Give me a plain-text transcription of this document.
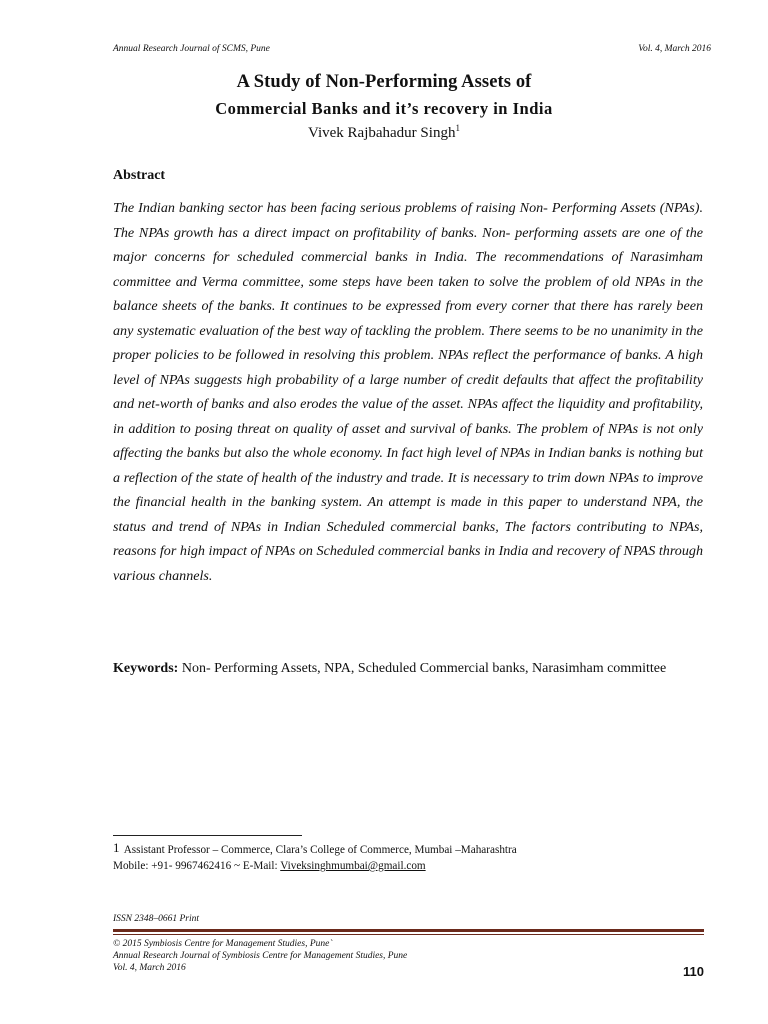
Annual Research Journal of SCMS, Pune	Vol. 4, March 2016
A Study of Non-Performing Assets of
Commercial Banks and it’s recovery in India
Vivek Rajbahadur Singh$^1$
Abstract
The Indian banking sector has been facing serious problems of raising Non- Performing Assets (NPAs). The NPAs growth has a direct impact on profitability of banks. Non- performing assets are one of the major concerns for scheduled commercial banks in India. The recommendations of Narasimham committee and Verma committee, some steps have been taken to solve the problem of old NPAs in the balance sheets of the banks. It continues to be expressed from every corner that there has rarely been any systematic evaluation of the best way of tackling the problem. There seems to be no unanimity in the proper policies to be followed in resolving this problem. NPAs reflect the performance of banks. A high level of NPAs suggests high probability of a large number of credit defaults that affect the profitability and net-worth of banks and also erodes the value of the asset. NPAs affect the liquidity and profitability, in addition to posing threat on quality of asset and survival of banks. The problem of NPAs is not only affecting the banks but also the whole economy. In fact high level of NPAs in Indian banks is nothing but a reflection of the state of health of the industry and trade. It is necessary to trim down NPAs to improve the financial health in the banking system. An attempt is made in this paper to understand NPA, the status and trend of NPAs in Indian Scheduled commercial banks, The factors contributing to NPAs, reasons for high impact of NPAs on Scheduled commercial banks in India and recovery of NPAS through various channels.
Keywords: Non- Performing Assets, NPA, Scheduled Commercial banks, Narasimham committee
1 Assistant Professor – Commerce, Clara’s College of Commerce, Mumbai –Maharashtra
Mobile: +91- 9967462416 ~ E-Mail: Viveksinghmumbai@gmail.com
ISSN 2348–0661 Print
© 2015 Symbiosis Centre for Management Studies, Pune`
Annual Research Journal of Symbiosis Centre for Management Studies, Pune
Vol. 4, March 2016	110
